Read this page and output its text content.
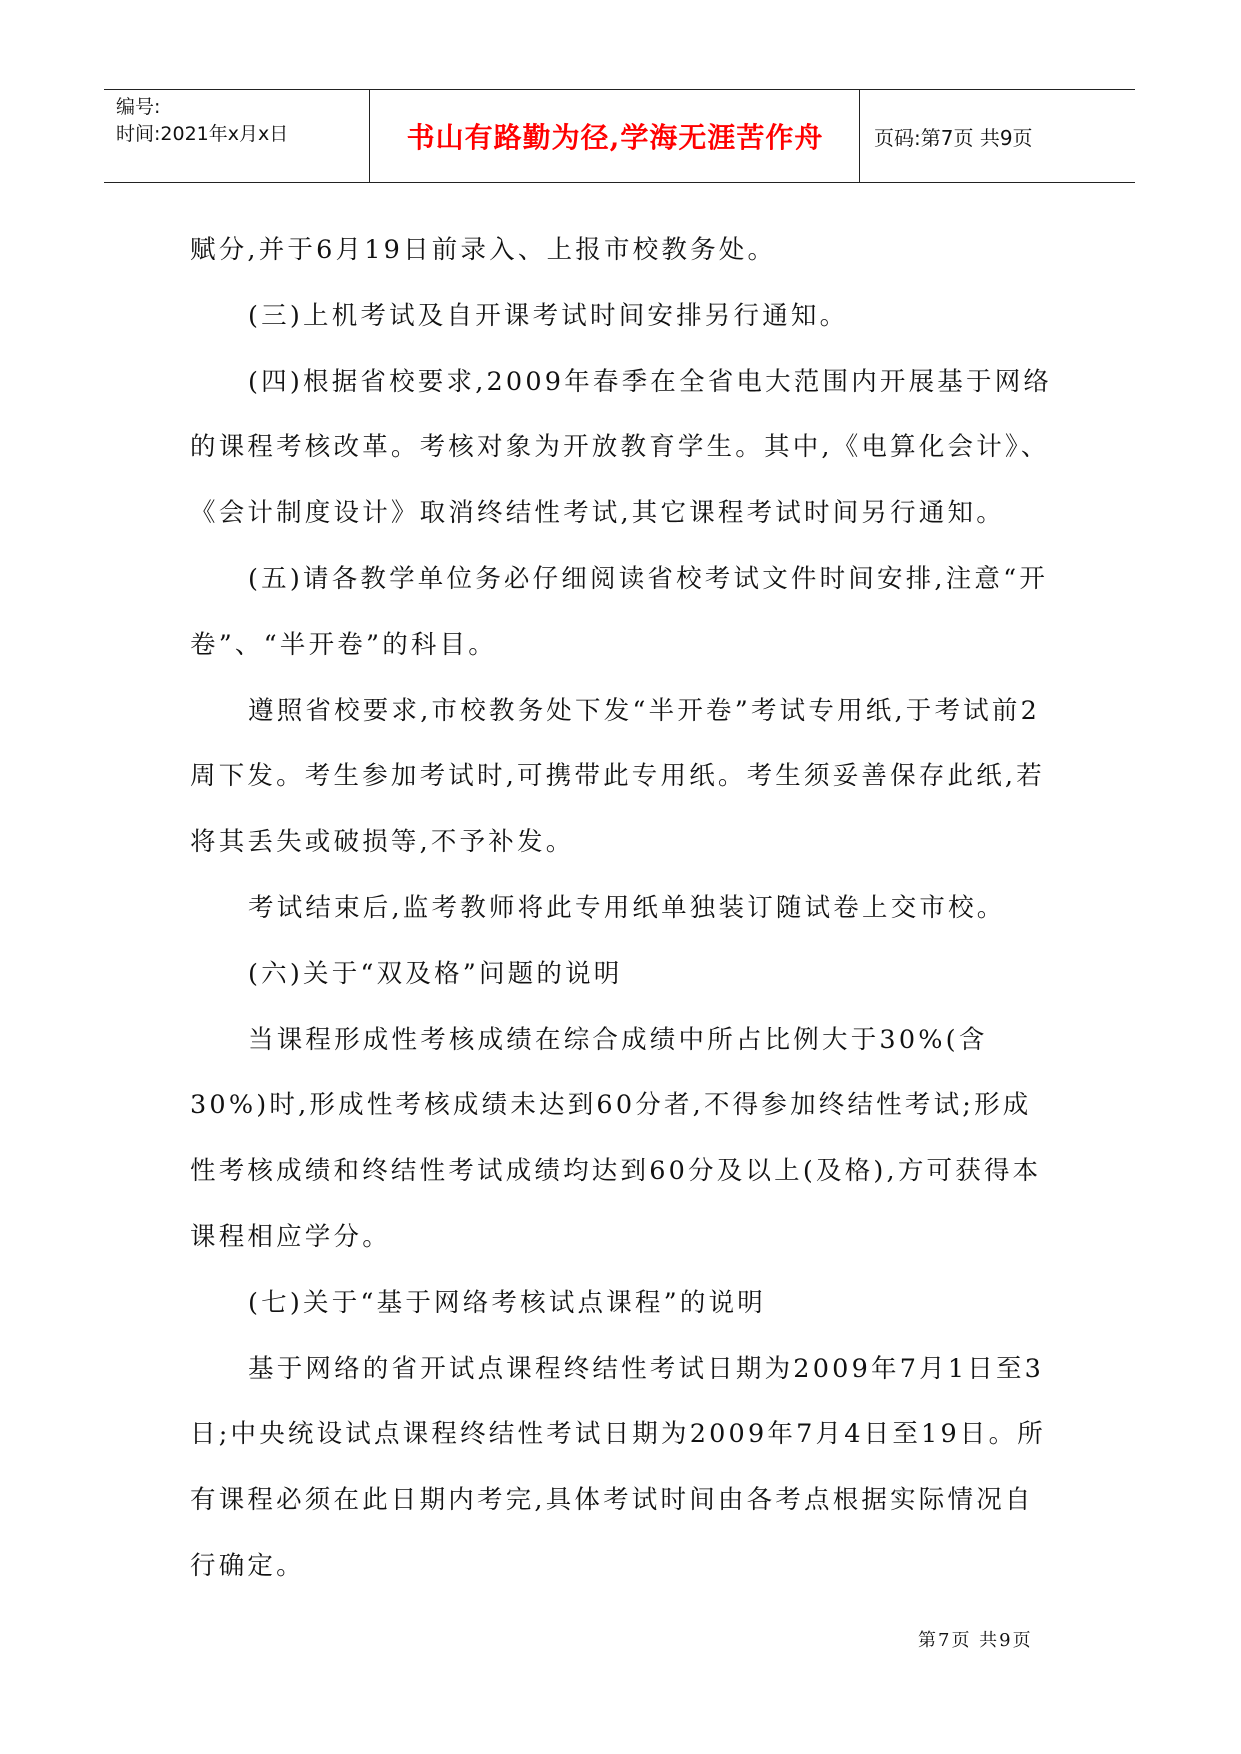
编号:
时间:2021年x月x日	书山有路勤为径,学海无涯苦作舟	页码:第7页 共9页

赋分,并于6月19日前录入、上报市校教务处。

(三)上机考试及自开课考试时间安排另行通知。

(四)根据省校要求,2009年春季在全省电大范围内开展基于网络的课程考核改革。考核对象为开放教育学生。其中,《电算化会计》、《会计制度设计》取消终结性考试,其它课程考试时间另行通知。

(五)请各教学单位务必仔细阅读省校考试文件时间安排,注意“开卷”、“半开卷”的科目。

遵照省校要求,市校教务处下发“半开卷”考试专用纸,于考试前2周下发。考生参加考试时,可携带此专用纸。考生须妥善保存此纸,若将其丢失或破损等,不予补发。

考试结束后,监考教师将此专用纸单独装订随试卷上交市校。

(六)关于“双及格”问题的说明

当课程形成性考核成绩在综合成绩中所占比例大于30%(含30%)时,形成性考核成绩未达到60分者,不得参加终结性考试;形成性考核成绩和终结性考试成绩均达到60分及以上(及格),方可获得本课程相应学分。

(七)关于“基于网络考核试点课程”的说明

基于网络的省开试点课程终结性考试日期为2009年7月1日至3日;中央统设试点课程终结性考试日期为2009年7月4日至19日。所有课程必须在此日期内考完,具体考试时间由各考点根据实际情况自行确定。

第7页 共9页
